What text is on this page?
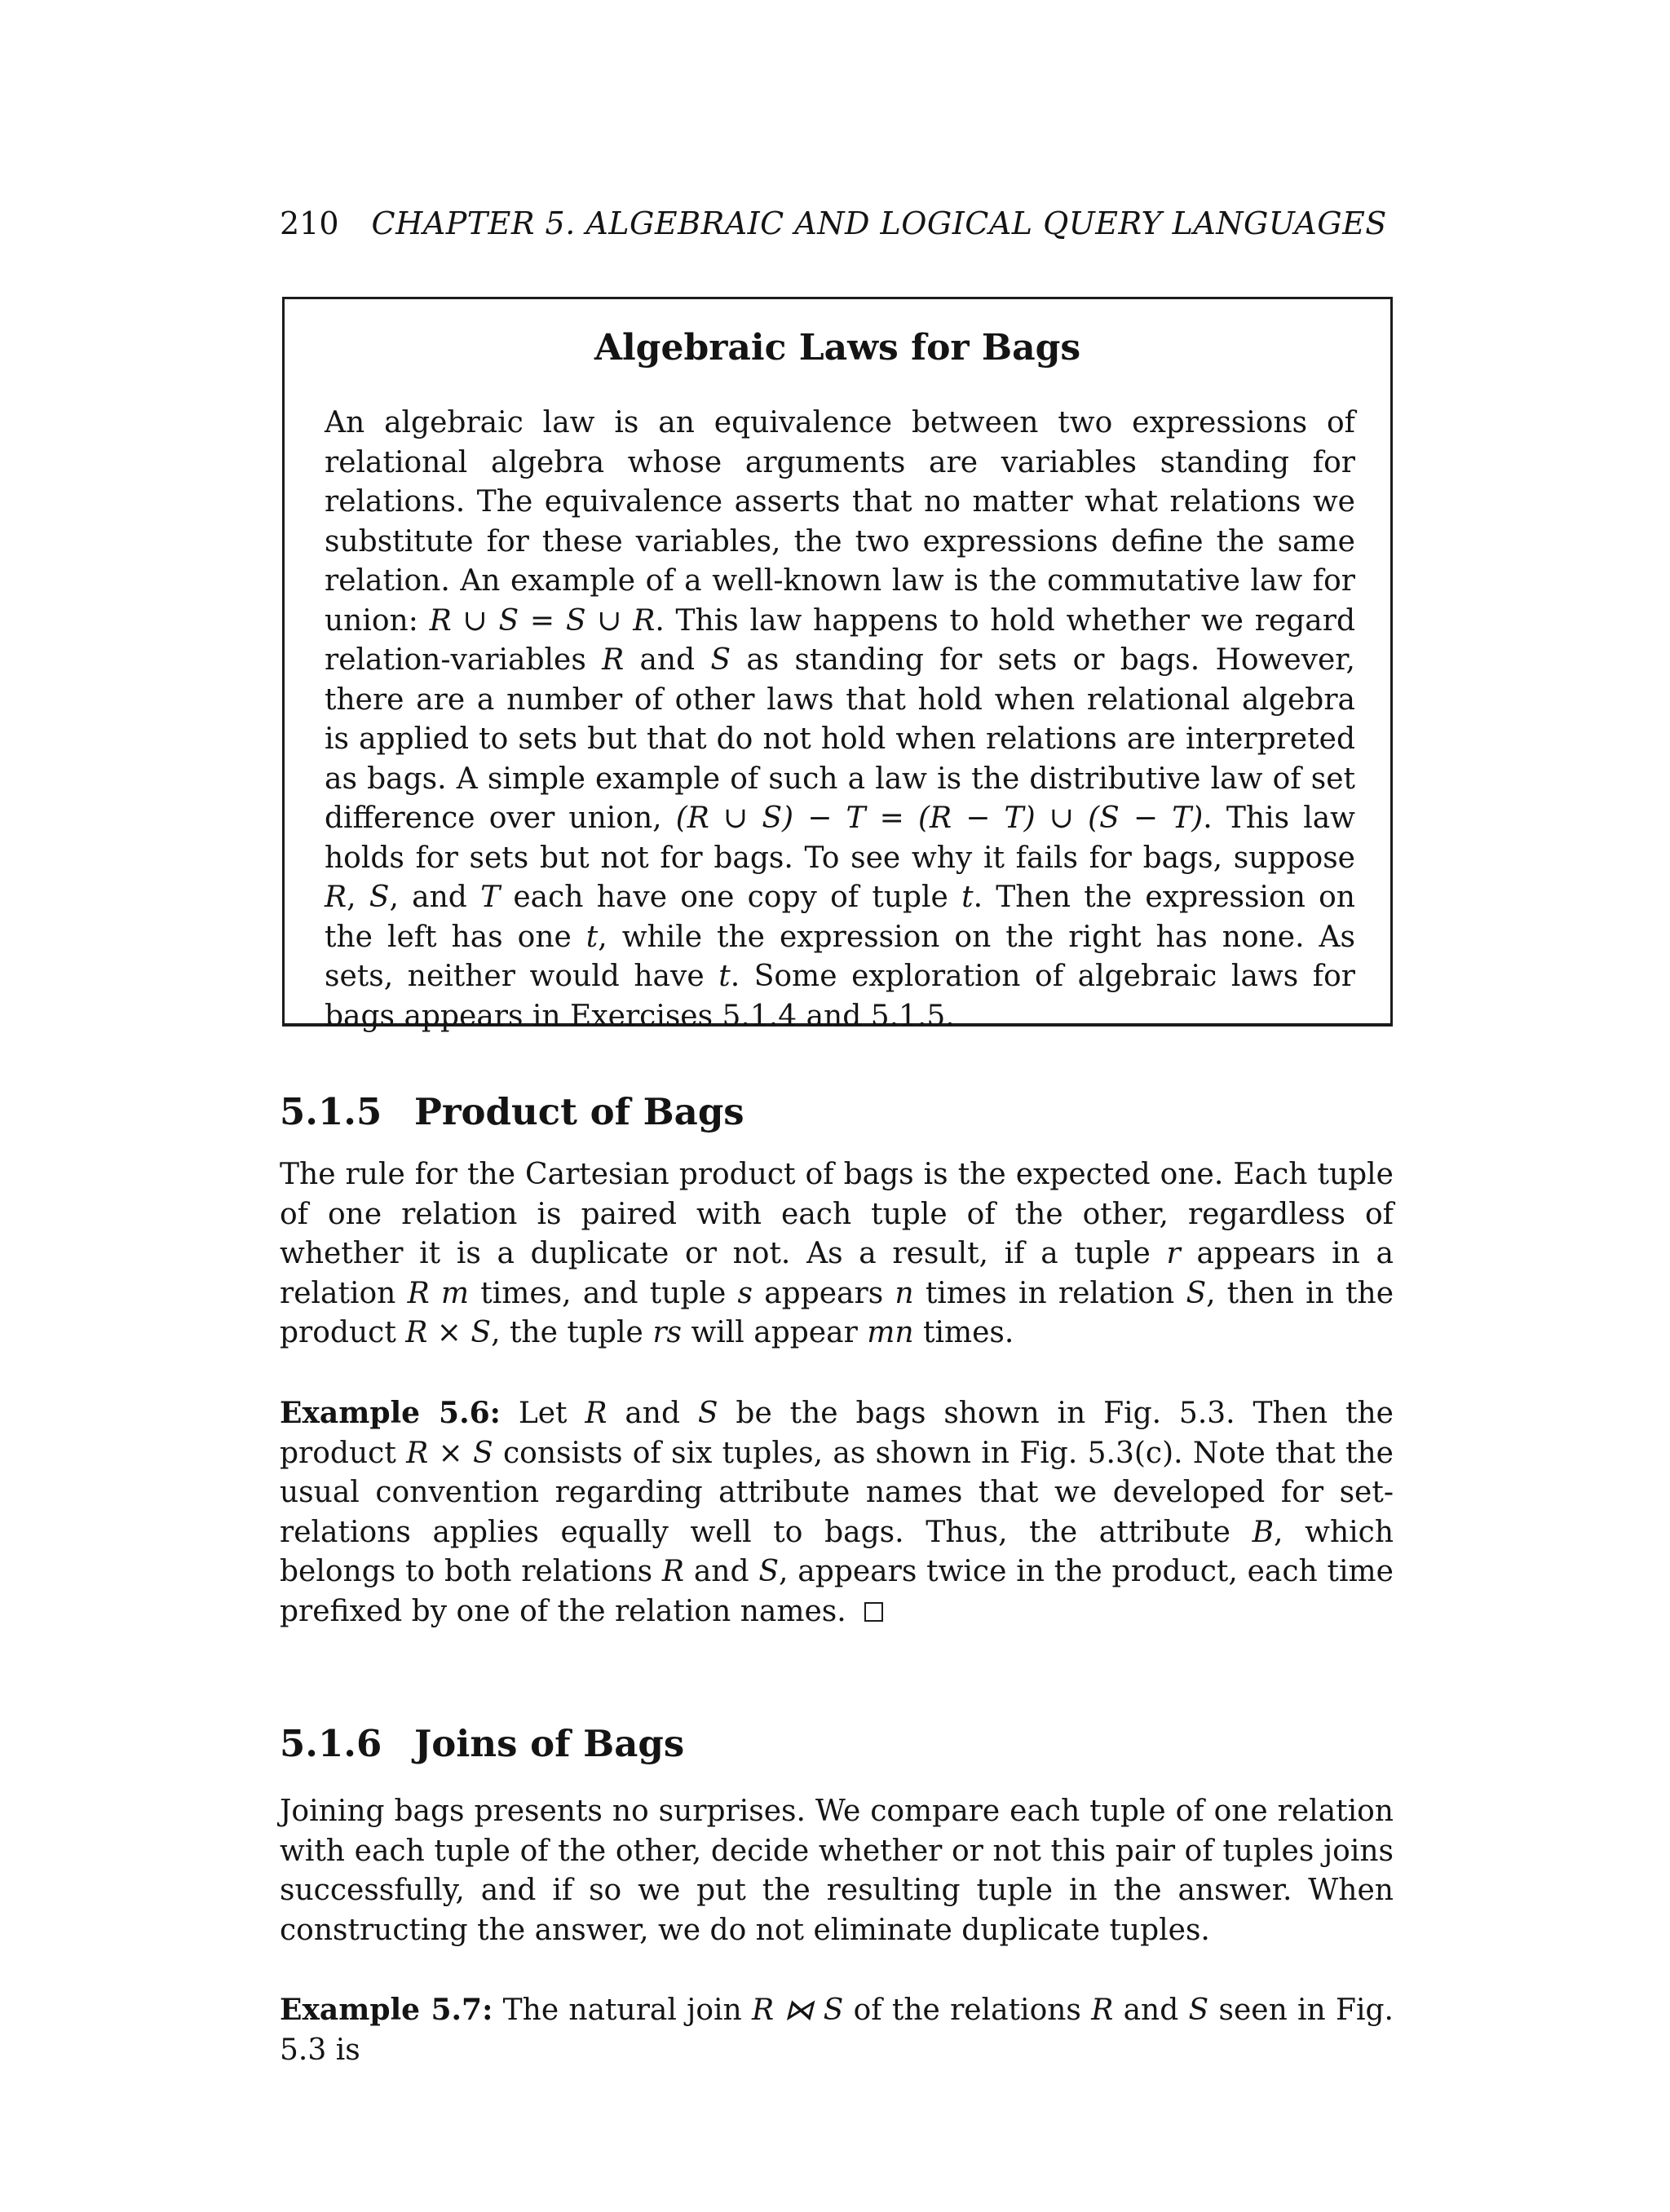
210 CHAPTER 5. ALGEBRAIC AND LOGICAL QUERY LANGUAGES
Algebraic Laws for Bags
An algebraic law is an equivalence between two expressions of relational algebra whose arguments are variables standing for relations. The equivalence asserts that no matter what relations we substitute for these variables, the two expressions define the same relation. An example of a well-known law is the commutative law for union: R ∪ S = S ∪ R. This law happens to hold whether we regard relation-variables R and S as standing for sets or bags. However, there are a number of other laws that hold when relational algebra is applied to sets but that do not hold when relations are interpreted as bags. A simple example of such a law is the distributive law of set difference over union, (R ∪ S) − T = (R − T) ∪ (S − T). This law holds for sets but not for bags. To see why it fails for bags, suppose R, S, and T each have one copy of tuple t. Then the expression on the left has one t, while the expression on the right has none. As sets, neither would have t. Some exploration of algebraic laws for bags appears in Exercises 5.1.4 and 5.1.5.
5.1.5 Product of Bags
The rule for the Cartesian product of bags is the expected one. Each tuple of one relation is paired with each tuple of the other, regardless of whether it is a duplicate or not. As a result, if a tuple r appears in a relation R m times, and tuple s appears n times in relation S, then in the product R × S, the tuple rs will appear mn times.
Example 5.6: Let R and S be the bags shown in Fig. 5.3. Then the product R × S consists of six tuples, as shown in Fig. 5.3(c). Note that the usual convention regarding attribute names that we developed for set-relations applies equally well to bags. Thus, the attribute B, which belongs to both relations R and S, appears twice in the product, each time prefixed by one of the relation names.
5.1.6 Joins of Bags
Joining bags presents no surprises. We compare each tuple of one relation with each tuple of the other, decide whether or not this pair of tuples joins successfully, and if so we put the resulting tuple in the answer. When constructing the answer, we do not eliminate duplicate tuples.
Example 5.7: The natural join R ⋈ S of the relations R and S seen in Fig. 5.3 is
